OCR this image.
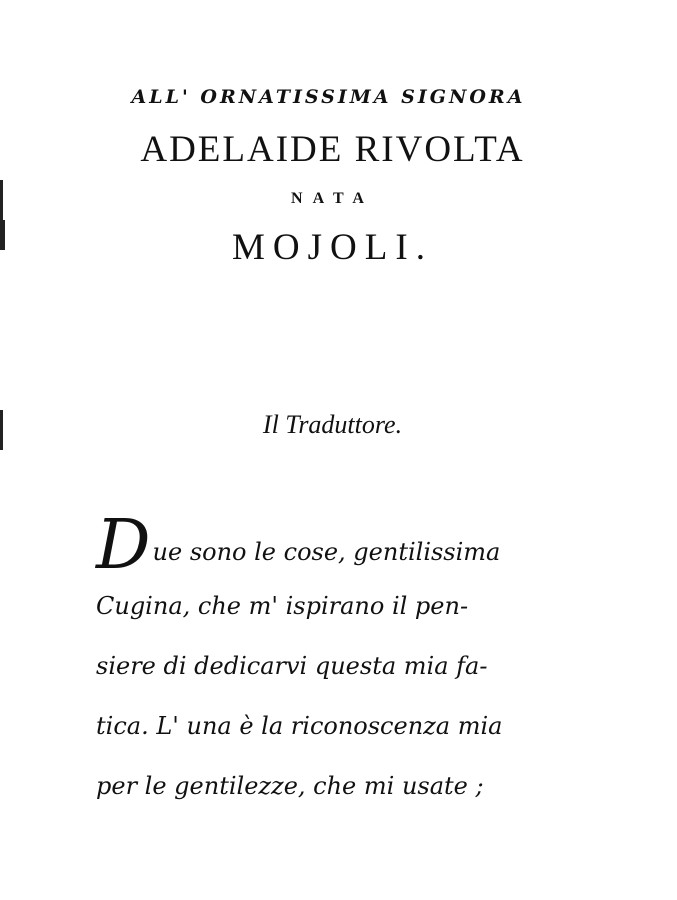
ALL' ORNATISSIMA SIGNORA
ADELAIDE RIVOLTA
NATA
MOJOLI.
Il Traduttore.
Due sono le cose, gentilissima
Cugina, che m' ispirano il pen-
siere di dedicarvi questa mia fa-
tica. L' una è la riconoscenza mia
per le gentilezze, che mi usate ;
